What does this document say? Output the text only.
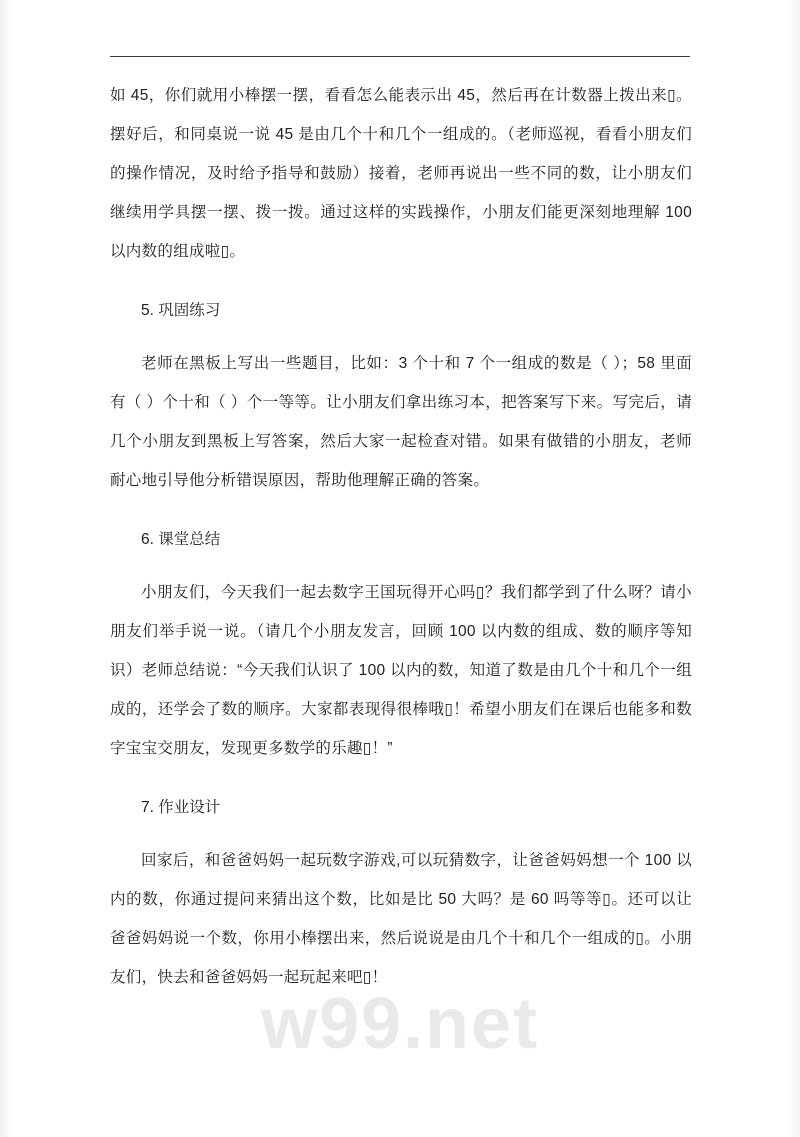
如 45，你们就用小棒摆一摆，看看怎么能表示出 45，然后再在计数器上拨出来▯。摆好后，和同桌说一说 45 是由几个十和几个一组成的。（老师巡视，看看小朋友们的操作情况，及时给予指导和鼓励）接着，老师再说出一些不同的数，让小朋友们继续用学具摆一摆、拨一拨。通过这样的实践操作，小朋友们能更深刻地理解 100 以内数的组成啦▯。

5. 巩固练习

老师在黑板上写出一些题目，比如：3 个十和 7 个一组成的数是（ ）；58 里面有（ ）个十和（ ）个一等等。让小朋友们拿出练习本，把答案写下来。写完后，请几个小朋友到黑板上写答案，然后大家一起检查对错。如果有做错的小朋友，老师耐心地引导他分析错误原因，帮助他理解正确的答案。

6. 课堂总结

小朋友们，今天我们一起去数字王国玩得开心吗▯？我们都学到了什么呀？请小朋友们举手说一说。（请几个小朋友发言，回顾 100 以内数的组成、数的顺序等知识）老师总结说：“今天我们认识了 100 以内的数，知道了数是由几个十和几个一组成的，还学会了数的顺序。大家都表现得很棒哦▯！希望小朋友们在课后也能多和数字宝宝交朋友，发现更多数学的乐趣▯！”

7. 作业设计

回家后，和爸爸妈妈一起玩数字游戏,可以玩猜数字，让爸爸妈妈想一个 100 以内的数，你通过提问来猜出这个数，比如是比 50 大吗？是 60 吗等等▯。还可以让爸爸妈妈说一个数，你用小棒摆出来，然后说说是由几个十和几个一组成的▯。小朋友们，快去和爸爸妈妈一起玩起来吧▯！

w99.net
